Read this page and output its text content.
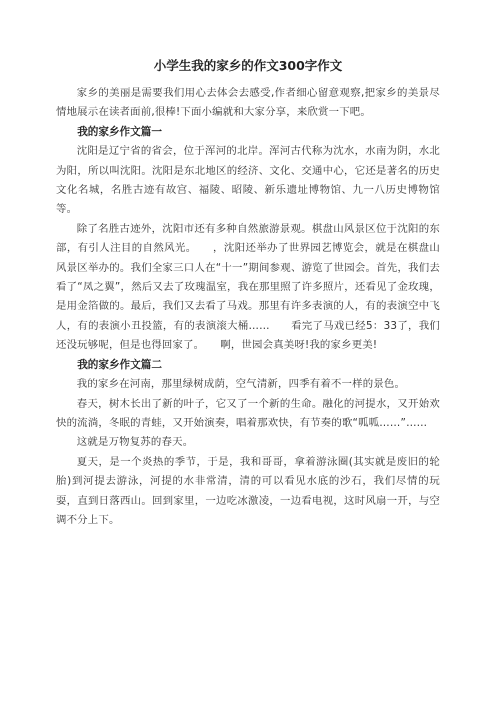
小学生我的家乡的作文300字作文

家乡的美丽是需要我们用心去体会去感受,作者细心留意观察,把家乡的美景尽情地展示在读者面前,很棒!下面小编就和大家分享，来欣赏一下吧。

我的家乡作文篇一

沈阳是辽宁省的省会，位于浑河的北岸。浑河古代称为沈水，水南为阴，水北为阳，所以叫沈阳。沈阳是东北地区的经济、文化、交通中心，它还是著名的历史文化名城，名胜古迹有故宫、福陵、昭陵、新乐遗址博物馆、九一八历史博物馆等。

除了名胜古迹外，沈阳市还有多种自然旅游景观。棋盘山风景区位于沈阳的东部，有引人注目的自然风光。　　，沈阳还举办了世界园艺博览会，就是在棋盘山风景区举办的。我们全家三口人在“十一”期间参观、游览了世园会。首先，我们去看了“凤之翼”，然后又去了玫瑰温室，我在那里照了许多照片，还看见了金玫瑰，是用金箔做的。最后，我们又去看了马戏。那里有许多表演的人，有的表演空中飞人，有的表演小丑投篮，有的表演滚大桶……　　看完了马戏已经5：33了，我们还没玩够呢，但是也得回家了。　　啊，世园会真美呀!我的家乡更美!

我的家乡作文篇二

我的家乡在河南，那里绿树成荫，空气清新，四季有着不一样的景色。

春天，树木长出了新的叶子，它又了一个新的生命。融化的河提水，又开始欢快的流淌，冬眠的青蛙，又开始演奏，唱着那欢快，有节奏的歌“呱呱……”……

这就是万物复苏的春天。

夏天，是一个炎热的季节，于是，我和哥哥，拿着游泳圈(其实就是废旧的轮胎)到河提去游泳，河提的水非常清，清的可以看见水底的沙石，我们尽情的玩耍，直到日落西山。回到家里，一边吃冰激凌，一边看电视，这时风扇一开，与空调不分上下。
